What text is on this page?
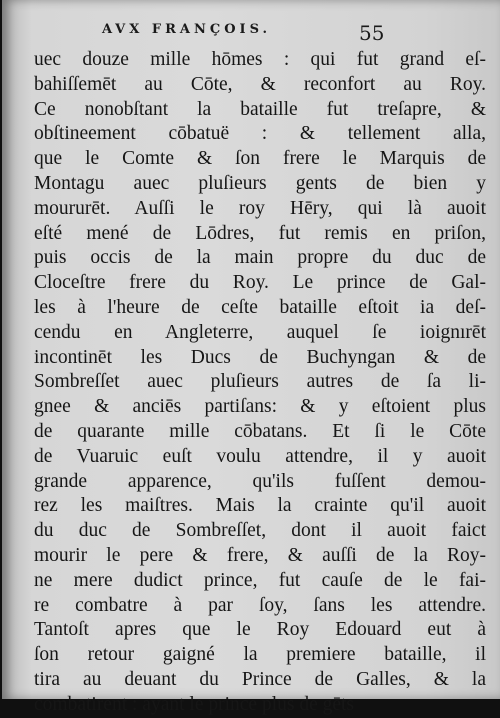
AVX FRANÇOIS.	55
uec douze mille hōmes : qui fut grand eſ-
bahiſſemēt au Cōte, & reconfort au Roy.
Ce nonobſtant la bataille fut treſapre, &
obſtineement cōbatuë : & tellement alla,
que le Comte & ſon frere le Marquis de
Montagu auec pluſieurs gents de bien y
moururēt. Auſſi le roy Hēry, qui là auoit
eſté mené de Lōdres, fut remis en priſon,
puis occis de la main propre du duc de
Cloceſtre frere du Roy. Le prince de Gal-
les à l'heure de ceſte bataille eſtoit ia deſ-
cendu en Angleterre, auquel ſe ioignırēt
incontinēt les Ducs de Buchyngan & de
Sombreſſet auec pluſieurs autres de ſa li-
gnee & anciēs partiſans: & y eſtoient plus
de quarante mille cōbatans. Et ſi le Cōte
de Vuaruic euſt voulu attendre, il y auoit
grande apparence, qu'ils fuſſent demou-
rez les maiſtres. Mais la crainte qu'il auoit
du duc de Sombreſſet, dont il auoit faict
mourir le pere & frere, & auſſi de la Roy-
ne mere dudict prince, fut cauſe de le fai-
re combatre à par ſoy, ſans les attendre.
Tantoſt apres que le Roy Edouard eut à
ſon retour gaigné la premiere bataille, il
tira au deuant du Prince de Galles, & la
combatirent : ayant le prince plus de gēts
